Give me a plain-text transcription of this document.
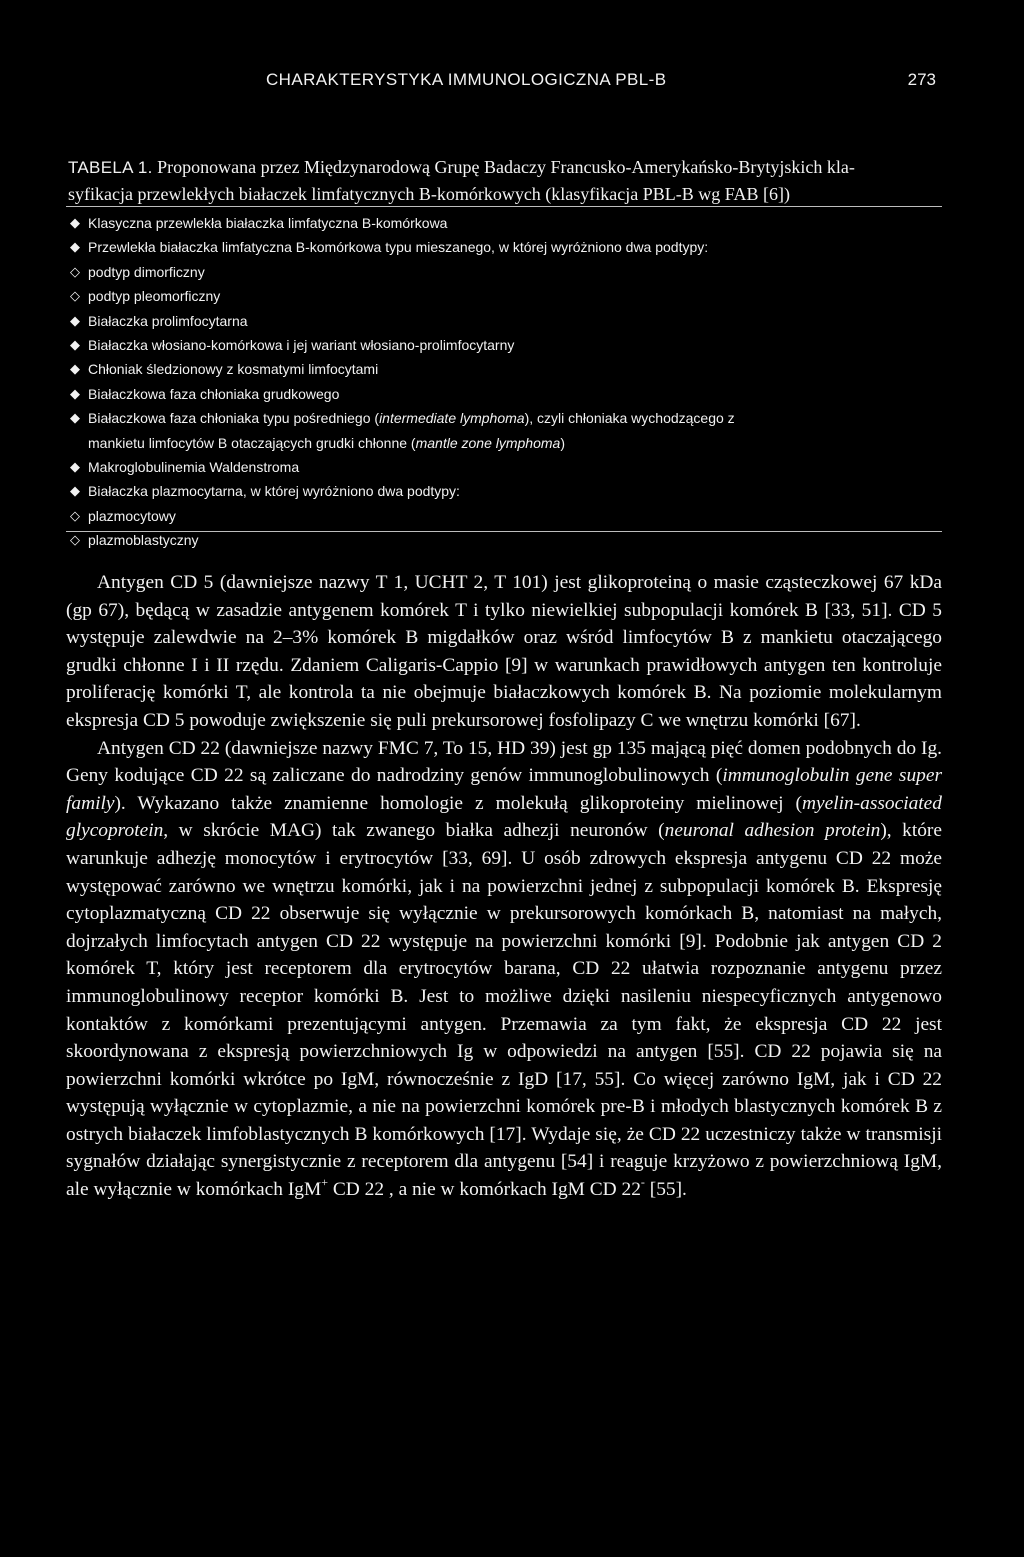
CHARAKTERYSTYKA IMMUNOLOGICZNA PBL-B	273
TABELA 1. Proponowana przez Międzynarodową Grupę Badaczy Francusko-Amerykańsko-Brytyjskich kla-
syfikacja przewlekłych białaczek limfatycznych B-komórkowych (klasyfikacja PBL-B wg FAB [6])
◆ Klasyczna przewlekła białaczka limfatyczna B-komórkowa
◆ Przewlekła białaczka limfatyczna B-komórkowa typu mieszanego, w której wyróżniono dwa podtypy:
◇ podtyp dimorficzny
◇ podtyp pleomorficzny
◆ Białaczka prolimfocytarna
◆ Białaczka włosiano-komórkowa i jej wariant włosiano-prolimfocytarny
◆ Chłoniak śledzionowy z kosmatymi limfocytami
◆ Białaczkowa faza chłoniaka grudkowego
◆ Białaczkowa faza chłoniaka typu pośredniego (intermediate lymphoma), czyli chłoniaka wychodzącego z
mankietu limfocytów B otaczających grudki chłonne (mantle zone lymphoma)
◆ Makroglobulinemia Waldenstroma
◆ Białaczka plazmocytarna, w której wyróżniono dwa podtypy:
◇ plazmocytowy
◇ plazmoblastyczny

Antygen CD 5 (dawniejsze nazwy T 1, UCHT 2, T 101) jest glikoproteiną o masie cząsteczkowej 67 kDa (gp 67), będącą w zasadzie antygenem komórek T i tylko niewielkiej subpopulacji komórek B [33, 51]. CD 5 występuje zalewdwie na 2–3% komórek B migdałków oraz wśród limfocytów B z mankietu otaczającego grudki chłonne I i II rzędu. Zdaniem Caligaris-Cappio [9] w warunkach prawidłowych antygen ten kontroluje proliferację komórki T, ale kontrola ta nie obejmuje białaczkowych komórek B. Na poziomie molekularnym ekspresja CD 5 powoduje zwiększenie się puli prekursorowej fosfolipazy C we wnętrzu komórki [67].

Antygen CD 22 (dawniejsze nazwy FMC 7, To 15, HD 39) jest gp 135 mającą pięć domen podobnych do Ig. Geny kodujące CD 22 są zaliczane do nadrodziny genów immunoglobulinowych (immunoglobulin gene super family). Wykazano także znamienne homologie z molekułą glikoproteiny mielinowej (myelin-associated glycoprotein, w skrócie MAG) tak zwanego białka adhezji neuronów (neuronal adhesion protein), które warunkuje adhezję monocytów i erytrocytów [33, 69]. U osób zdrowych ekspresja antygenu CD 22 może występować zarówno we wnętrzu komórki, jak i na powierzchni jednej z subpopulacji komórek B. Ekspresję cytoplazmatyczną CD 22 obserwuje się wyłącznie w prekursorowych komórkach B, natomiast na małych, dojrzałych limfocytach antygen CD 22 występuje na powierzchni komórki [9]. Podobnie jak antygen CD 2 komórek T, który jest receptorem dla erytrocytów barana, CD 22 ułatwia rozpoznanie antygenu przez immunoglobulinowy receptor komórki B. Jest to możliwe dzięki nasileniu niespecyficznych antygenowo kontaktów z komórkami prezentującymi antygen. Przemawia za tym fakt, że ekspresja CD 22 jest skoordynowana z ekspresją powierzchniowych Ig w odpowiedzi na antygen [55]. CD 22 pojawia się na powierzchni komórki wkrótce po IgM, równocześnie z IgD [17, 55]. Co więcej zarówno IgM, jak i CD 22 występują wyłącznie w cytoplazmie, a nie na powierzchni komórek pre-B i młodych blastycznych komórek B z ostrych białaczek limfoblastycznych B komórkowych [17]. Wydaje się, że CD 22 uczestniczy także w transmisji sygnałów działając synergistycznie z receptorem dla antygenu [54] i reaguje krzyżowo z powierzchniową IgM, ale wyłącznie w komórkach IgM+ CD 22 , a nie w komórkach IgM CD 22- [55].
